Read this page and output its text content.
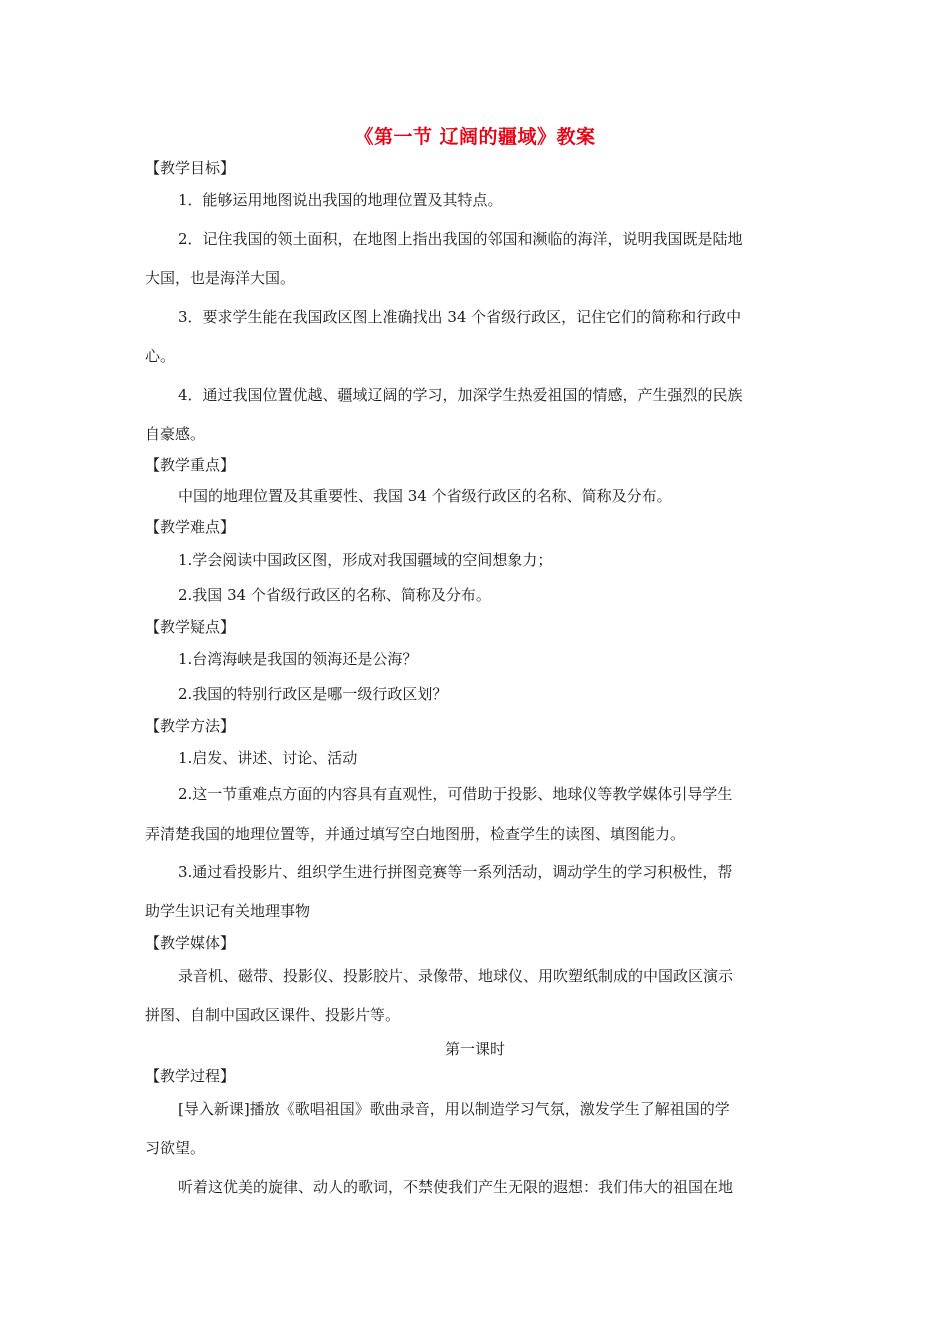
《第一节 辽阔的疆域》教案
【教学目标】
1．能够运用地图说出我国的地理位置及其特点。
2．记住我国的领土面积，在地图上指出我国的邻国和濒临的海洋，说明我国既是陆地
大国，也是海洋大国。
3．要求学生能在我国政区图上准确找出 34 个省级行政区，记住它们的简称和行政中
心。
4．通过我国位置优越、疆域辽阔的学习，加深学生热爱祖国的情感，产生强烈的民族
自豪感。
【教学重点】
中国的地理位置及其重要性、我国 34 个省级行政区的名称、简称及分布。
【教学难点】
1.学会阅读中国政区图，形成对我国疆域的空间想象力；
2.我国 34 个省级行政区的名称、简称及分布。
【教学疑点】
1.台湾海峡是我国的领海还是公海？
2.我国的特别行政区是哪一级行政区划？
【教学方法】
1.启发、讲述、讨论、活动
2.这一节重难点方面的内容具有直观性，可借助于投影、地球仪等教学媒体引导学生
弄清楚我国的地理位置等，并通过填写空白地图册，检查学生的读图、填图能力。
3.通过看投影片、组织学生进行拼图竞赛等一系列活动，调动学生的学习积极性，帮
助学生识记有关地理事物
【教学媒体】
录音机、磁带、投影仪、投影胶片、录像带、地球仪、用吹塑纸制成的中国政区演示
拼图、自制中国政区课件、投影片等。
第一课时
【教学过程】
[导入新课]播放《歌唱祖国》歌曲录音，用以制造学习气氛，激发学生了解祖国的学
习欲望。
听着这优美的旋律、动人的歌词，不禁使我们产生无限的遐想：我们伟大的祖国在地
